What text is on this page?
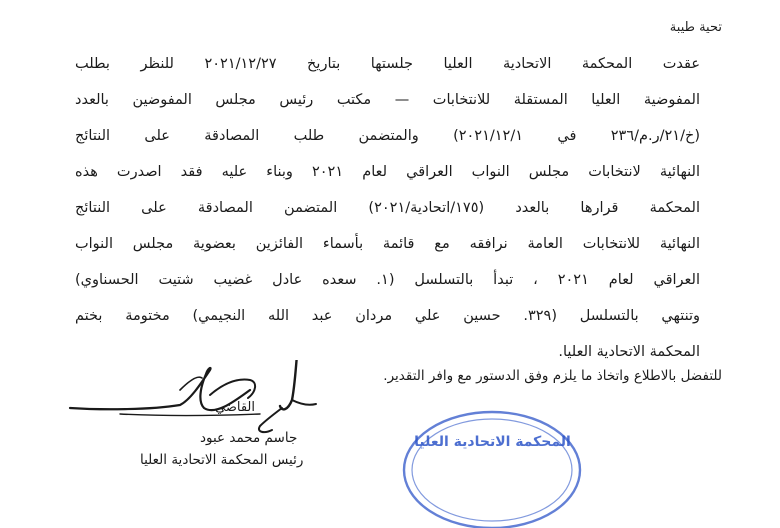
تحية طيبة
عقدت المحكمة الاتحادية العليا جلستها بتاريخ ٢٠٢١/١٢/٢٧ للنظر بطلب
المفوضية العليا المستقلة للانتخابات — مكتب رئيس مجلس المفوضين بالعدد
(خ/٢١/ر.م/٢٣٦ في ٢٠٢١/١٢/١) والمتضمن طلب المصادقة على النتائج
النهائية لانتخابات مجلس النواب العراقي لعام ٢٠٢١ وبناء عليه فقد اصدرت هذه
المحكمة قرارها بالعدد (١٧٥/اتحادية/٢٠٢١) المتضمن المصادقة على النتائج
النهائية للانتخابات العامة نرافقه مع قائمة بأسماء الفائزين بعضوية مجلس النواب
العراقي لعام ٢٠٢١ ، تبدأ بالتسلسل (١. سعده عادل غضيب شتيت الحسناوي)
وتنتهي بالتسلسل (٣٢٩. حسين علي مردان عبد الله النجيمي) مختومة بختم
المحكمة الاتحادية العليا.
للتفضل بالاطلاع واتخاذ ما يلزم وفق الدستور مع وافر التقدير.
القاضي
جاسم محمد عبود
رئيس المحكمة الاتحادية العليا
المحكمة الاتحادية العليا
